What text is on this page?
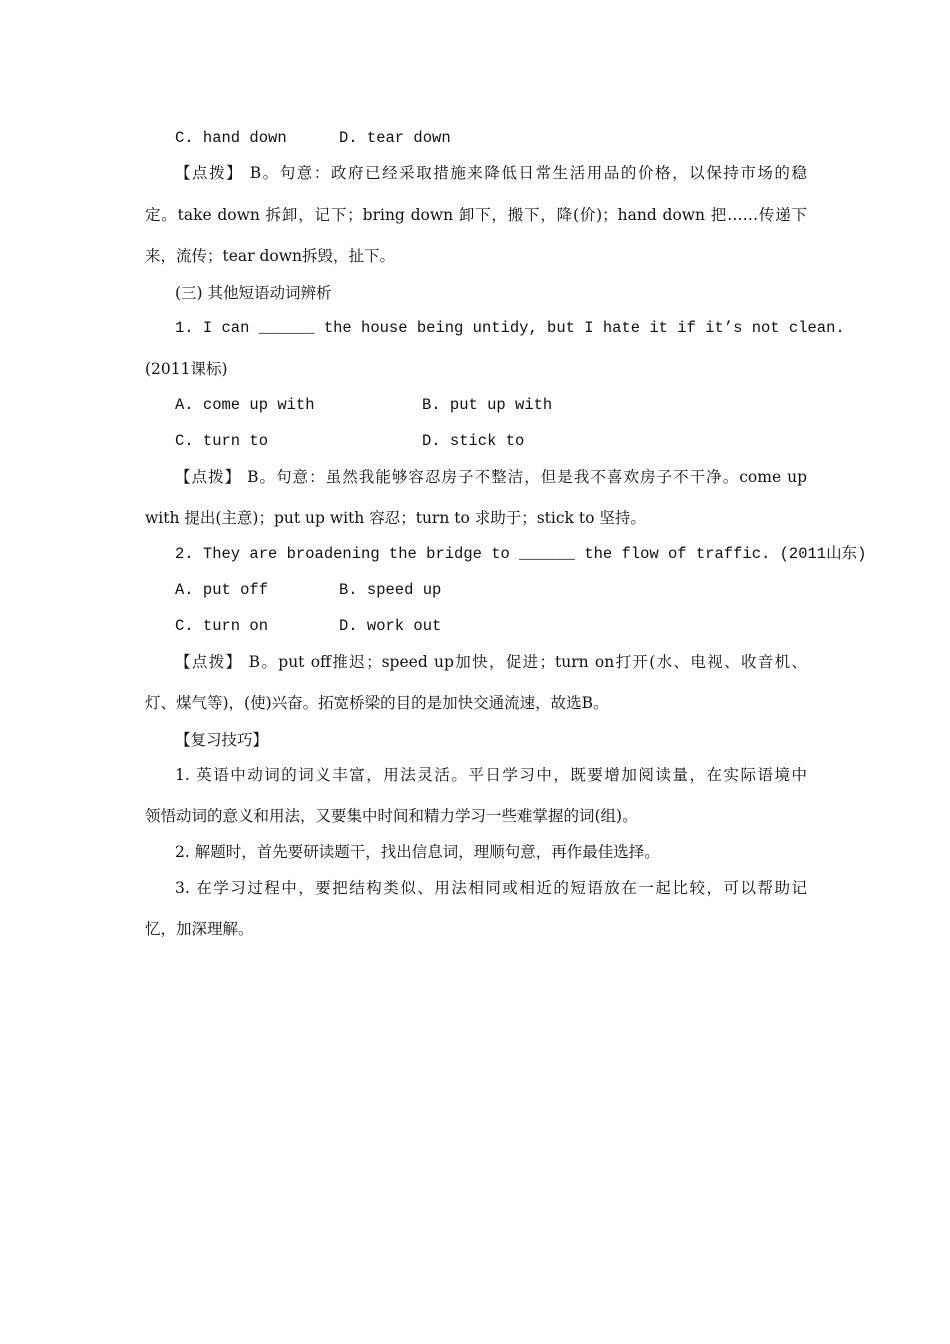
C. hand down	D. tear down
【点拨】 B。句意：政府已经采取措施来降低日常生活用品的价格，以保持市场的稳
定。take down 拆卸，记下；bring down 卸下，搬下，降(价)；hand down 把……传递下
来，流传；tear down拆毁，扯下。
(三) 其他短语动词辨析
1. I can ______ the house being untidy, but I hate it if it’s not clean.
(2011课标)
A. come up with	B. put up with
C. turn to	D. stick to
【点拨】 B。句意：虽然我能够容忍房子不整洁，但是我不喜欢房子不干净。come up
with 提出(主意)；put up with 容忍；turn to 求助于；stick to 坚持。
2. They are broadening the bridge to ______ the flow of traffic. (2011山东)
A. put off	B. speed up
C. turn on	D. work out
【点拨】 B。put off推迟；speed up加快，促进；turn on打开(水、电视、收音机、
灯、煤气等)，(使)兴奋。拓宽桥梁的目的是加快交通流速，故选B。
【复习技巧】
1. 英语中动词的词义丰富，用法灵活。平日学习中，既要增加阅读量，在实际语境中
领悟动词的意义和用法，又要集中时间和精力学习一些难掌握的词(组)。
2. 解题时，首先要研读题干，找出信息词，理顺句意，再作最佳选择。
3. 在学习过程中，要把结构类似、用法相同或相近的短语放在一起比较，可以帮助记
忆，加深理解。
